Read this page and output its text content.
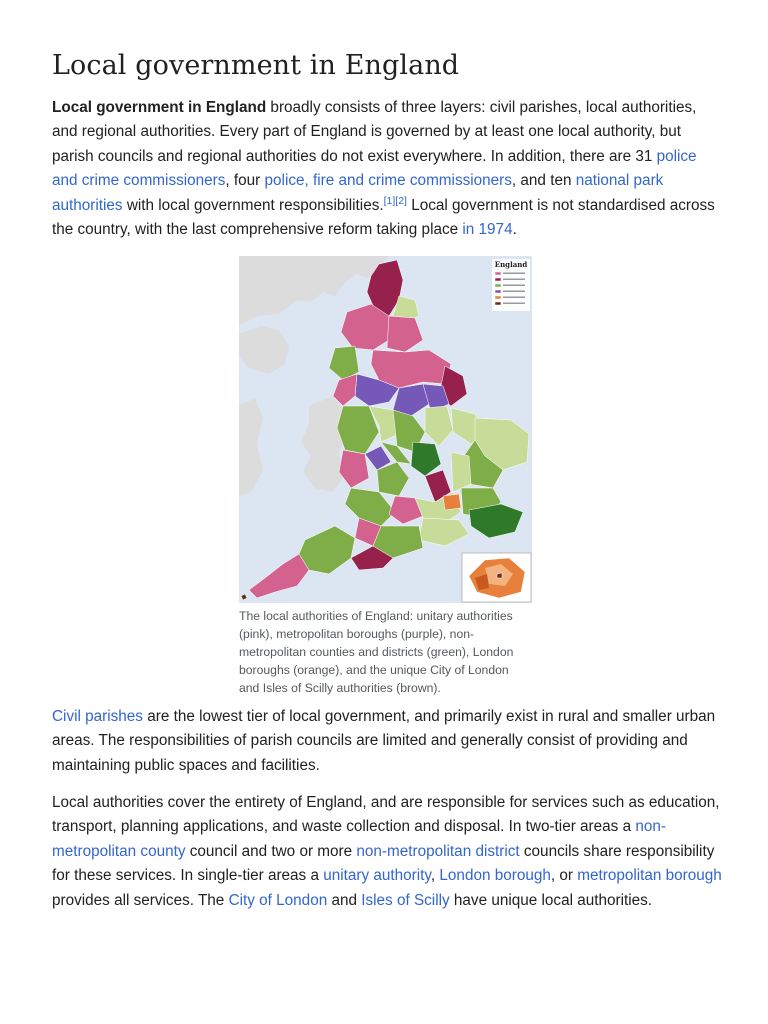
Local government in England

Local government in England broadly consists of three layers: civil parishes, local authorities, and regional authorities. Every part of England is governed by at least one local authority, but parish councils and regional authorities do not exist everywhere. In addition, there are 31 police and crime commissioners, four police, fire and crime commissioners, and ten national park authorities with local government responsibilities.[1][2] Local government is not standardised across the country, with the last comprehensive reform taking place in 1974.

England
The local authorities of England: unitary authorities (pink), metropolitan boroughs (purple), non-metropolitan counties and districts (green), London boroughs (orange), and the unique City of London and Isles of Scilly authorities (brown).

Civil parishes are the lowest tier of local government, and primarily exist in rural and smaller urban areas. The responsibilities of parish councils are limited and generally consist of providing and maintaining public spaces and facilities.

Local authorities cover the entirety of England, and are responsible for services such as education, transport, planning applications, and waste collection and disposal. In two-tier areas a non-metropolitan county council and two or more non-metropolitan district councils share responsibility for these services. In single-tier areas a unitary authority, London borough, or metropolitan borough provides all services. The City of London and Isles of Scilly have unique local authorities.
